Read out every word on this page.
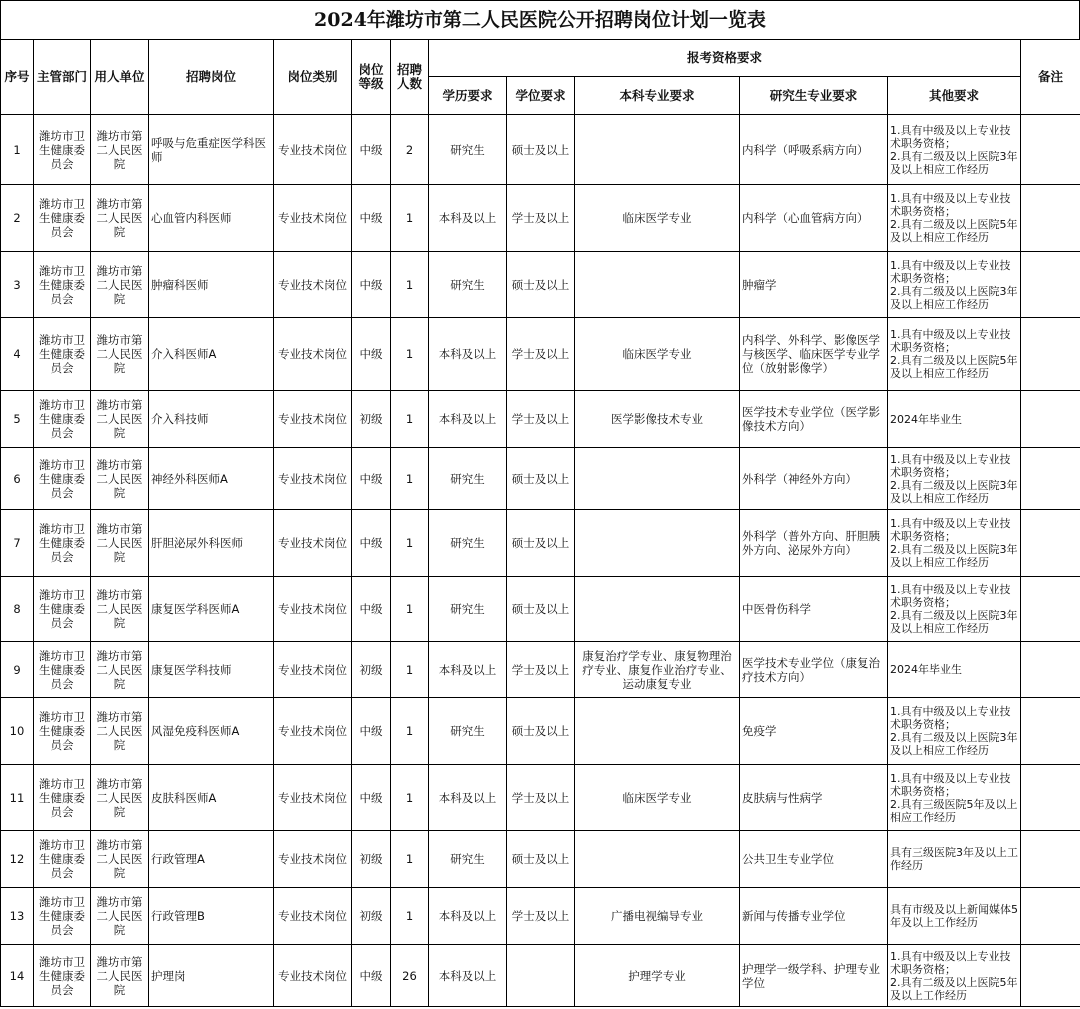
2024年潍坊市第二人民医院公开招聘岗位计划一览表
序号	主管部门	用人单位	招聘岗位	岗位类别	岗位等级	招聘人数	报考资格要求					备注
							学历要求	学位要求	本科专业要求	研究生专业要求	其他要求	
1	潍坊市卫生健康委员会	潍坊市第二人民医院	呼吸与危重症医学科医师	专业技术岗位	中级	2	研究生	硕士及以上		内科学（呼吸系病方向）	1.具有中级及以上专业技术职务资格；
2.具有二级及以上医院3年及以上相应工作经历	
2	潍坊市卫生健康委员会	潍坊市第二人民医院	心血管内科医师	专业技术岗位	中级	1	本科及以上	学士及以上	临床医学专业	内科学（心血管病方向）	1.具有中级及以上专业技术职务资格；
2.具有二级及以上医院5年及以上相应工作经历	
3	潍坊市卫生健康委员会	潍坊市第二人民医院	肿瘤科医师	专业技术岗位	中级	1	研究生	硕士及以上		肿瘤学	1.具有中级及以上专业技术职务资格；
2.具有二级及以上医院3年及以上相应工作经历	
4	潍坊市卫生健康委员会	潍坊市第二人民医院	介入科医师A	专业技术岗位	中级	1	本科及以上	学士及以上	临床医学专业	内科学、外科学、影像医学与核医学、临床医学专业学位（放射影像学）	1.具有中级及以上专业技术职务资格；
2.具有二级及以上医院5年及以上相应工作经历	
5	潍坊市卫生健康委员会	潍坊市第二人民医院	介入科技师	专业技术岗位	初级	1	本科及以上	学士及以上	医学影像技术专业	医学技术专业学位（医学影像技术方向）	2024年毕业生	
6	潍坊市卫生健康委员会	潍坊市第二人民医院	神经外科医师A	专业技术岗位	中级	1	研究生	硕士及以上		外科学（神经外方向）	1.具有中级及以上专业技术职务资格；
2.具有二级及以上医院3年及以上相应工作经历	
7	潍坊市卫生健康委员会	潍坊市第二人民医院	肝胆泌尿外科医师	专业技术岗位	中级	1	研究生	硕士及以上		外科学（普外方向、肝胆胰外方向、泌尿外方向）	1.具有中级及以上专业技术职务资格；
2.具有二级及以上医院3年及以上相应工作经历	
8	潍坊市卫生健康委员会	潍坊市第二人民医院	康复医学科医师A	专业技术岗位	中级	1	研究生	硕士及以上		中医骨伤科学	1.具有中级及以上专业技术职务资格；
2.具有二级及以上医院3年及以上相应工作经历	
9	潍坊市卫生健康委员会	潍坊市第二人民医院	康复医学科技师	专业技术岗位	初级	1	本科及以上	学士及以上	康复治疗学专业、康复物理治疗专业、康复作业治疗专业、运动康复专业	医学技术专业学位（康复治疗技术方向）	2024年毕业生	
10	潍坊市卫生健康委员会	潍坊市第二人民医院	风湿免疫科医师A	专业技术岗位	中级	1	研究生	硕士及以上		免疫学	1.具有中级及以上专业技术职务资格；
2.具有二级及以上医院3年及以上相应工作经历	
11	潍坊市卫生健康委员会	潍坊市第二人民医院	皮肤科医师A	专业技术岗位	中级	1	本科及以上	学士及以上	临床医学专业	皮肤病与性病学	1.具有中级及以上专业技术职务资格；
2.具有三级医院5年及以上相应工作经历	
12	潍坊市卫生健康委员会	潍坊市第二人民医院	行政管理A	专业技术岗位	初级	1	研究生	硕士及以上		公共卫生专业学位	具有三级医院3年及以上工作经历	
13	潍坊市卫生健康委员会	潍坊市第二人民医院	行政管理B	专业技术岗位	初级	1	本科及以上	学士及以上	广播电视编导专业	新闻与传播专业学位	具有市级及以上新闻媒体5年及以上工作经历	
14	潍坊市卫生健康委员会	潍坊市第二人民医院	护理岗	专业技术岗位	中级	26	本科及以上		护理学专业	护理学一级学科、护理专业学位	1.具有中级及以上专业技术职务资格；
2.具有二级及以上医院5年及以上工作经历	
